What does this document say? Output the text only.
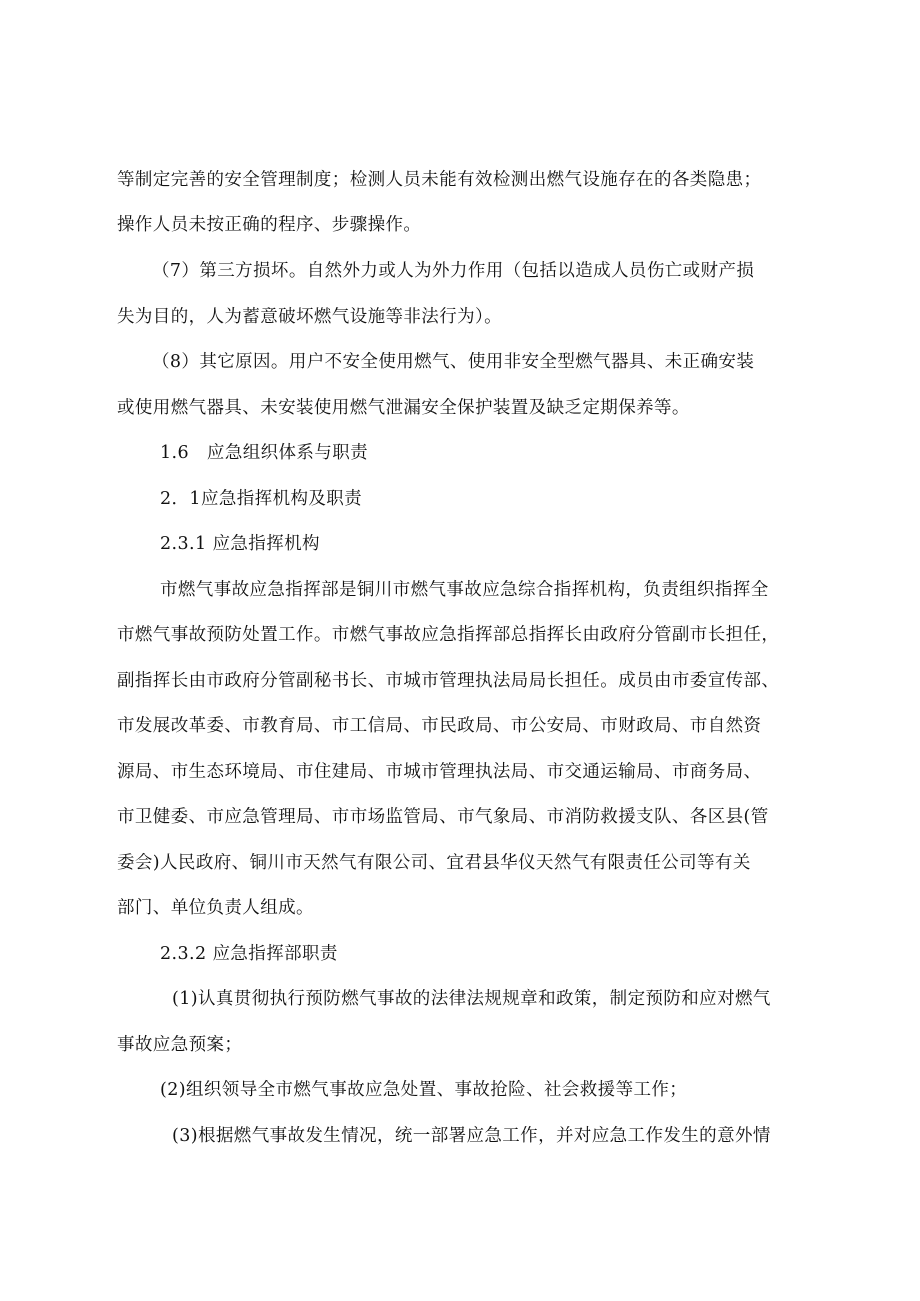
等制定完善的安全管理制度；检测人员未能有效检测出燃气设施存在的各类隐患；
操作人员未按正确的程序、步骤操作。
（7）第三方损坏。自然外力或人为外力作用（包括以造成人员伤亡或财产损
失为目的，人为蓄意破坏燃气设施等非法行为）。
（8）其它原因。用户不安全使用燃气、使用非安全型燃气器具、未正确安装
或使用燃气器具、未安装使用燃气泄漏安全保护装置及缺乏定期保养等。
1.6　应急组织体系与职责
2．1应急指挥机构及职责
2.3.1 应急指挥机构
市燃气事故应急指挥部是铜川市燃气事故应急综合指挥机构，负责组织指挥全
市燃气事故预防处置工作。市燃气事故应急指挥部总指挥长由政府分管副市长担任，
副指挥长由市政府分管副秘书长、市城市管理执法局局长担任。成员由市委宣传部、
市发展改革委、市教育局、市工信局、市民政局、市公安局、市财政局、市自然资
源局、市生态环境局、市住建局、市城市管理执法局、市交通运输局、市商务局、
市卫健委、市应急管理局、市市场监管局、市气象局、市消防救援支队、各区县(管
委会)人民政府、铜川市天然气有限公司、宜君县华仪天然气有限责任公司等有关
部门、单位负责人组成。
2.3.2 应急指挥部职责
(1)认真贯彻执行预防燃气事故的法律法规规章和政策，制定预防和应对燃气
事故应急预案；
(2)组织领导全市燃气事故应急处置、事故抢险、社会救援等工作；
(3)根据燃气事故发生情况，统一部署应急工作，并对应急工作发生的意外情
